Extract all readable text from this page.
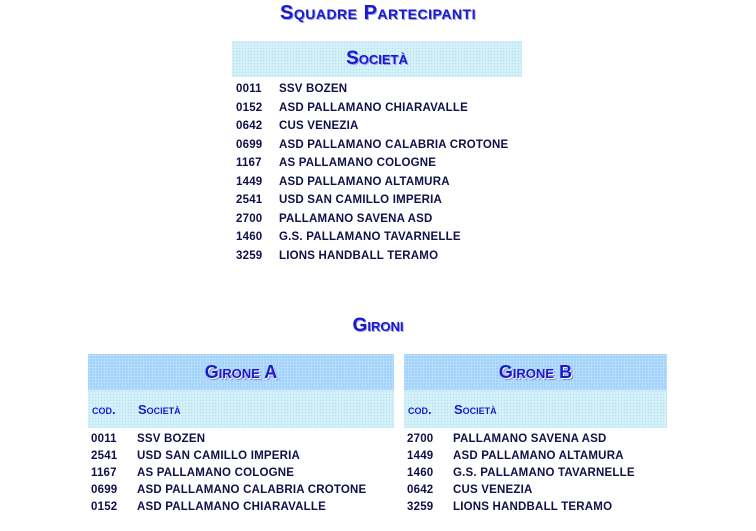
Squadre Partecipanti
Società
0011	SSV BOZEN
0152	ASD PALLAMANO CHIARAVALLE
0642	CUS VENEZIA
0699	ASD PALLAMANO CALABRIA CROTONE
1167	AS PALLAMANO COLOGNE
1449	ASD PALLAMANO ALTAMURA
2541	USD SAN CAMILLO IMPERIA
2700	PALLAMANO SAVENA ASD
1460	G.S. PALLAMANO TAVARNELLE
3259	LIONS HANDBALL TERAMO
Gironi
Girone A
cod.	Società
0011	SSV BOZEN
2541	USD SAN CAMILLO IMPERIA
1167	AS PALLAMANO COLOGNE
0699	ASD PALLAMANO CALABRIA CROTONE
0152	ASD PALLAMANO CHIARAVALLE
Girone B
cod.	Società
2700	PALLAMANO SAVENA ASD
1449	ASD PALLAMANO ALTAMURA
1460	G.S. PALLAMANO TAVARNELLE
0642	CUS VENEZIA
3259	LIONS HANDBALL TERAMO
